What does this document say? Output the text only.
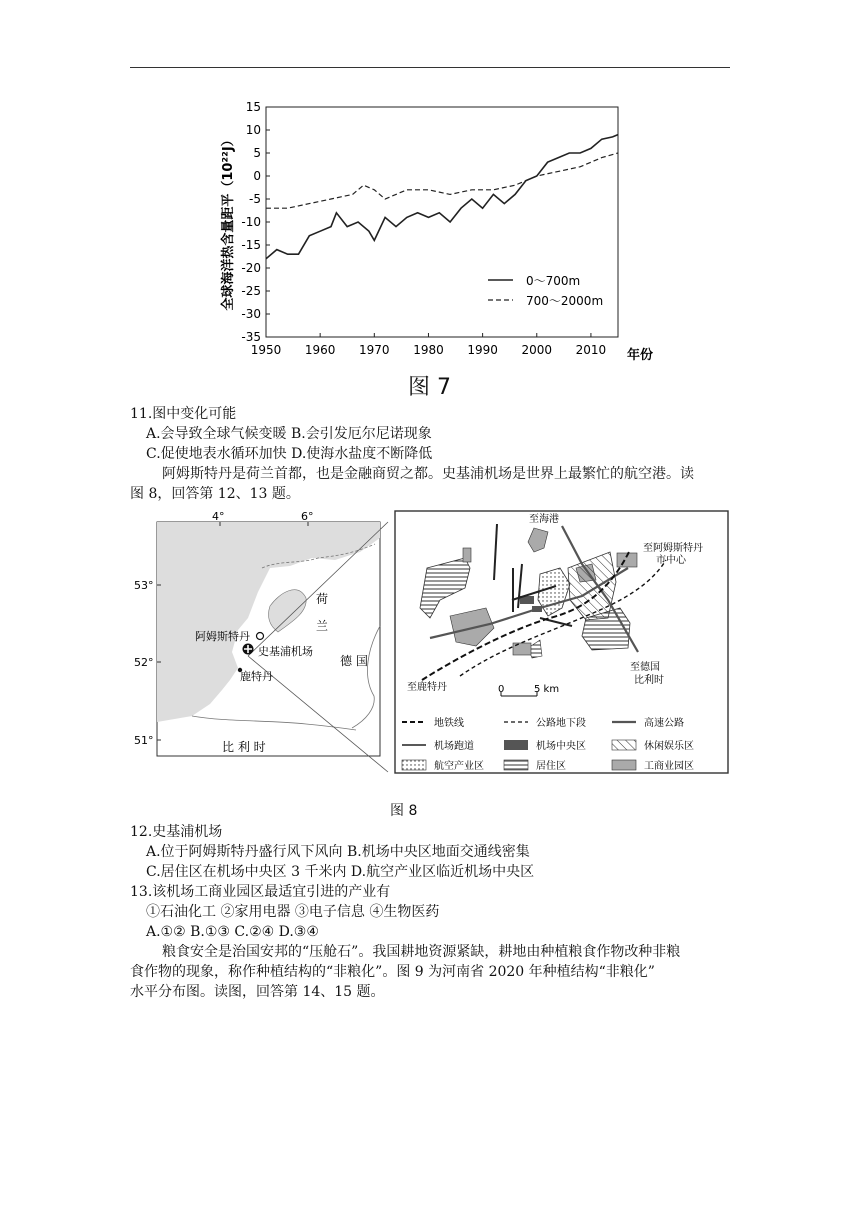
15
10
5
0
-5
-10
-15
-20
-25
-30
-35
1950 1960 1970 1980 1990 2000 2010
全球海洋热含量距平（10²²J）
年份
0～700m
700～2000m
图 7
11.图中变化可能
A.会导致全球气候变暖 B.会引发厄尔尼诺现象
C.促使地表水循环加快 D.使海水盐度不断降低
阿姆斯特丹是荷兰首都，也是金融商贸之都。史基浦机场是世界上最繁忙的航空港。读
图 8，回答第 12、13 题。
4°	6°
53°
52°
51°
荷
兰
德 国
比 利 时
阿姆斯特丹
史基浦机场
鹿特丹
至海港
至阿姆斯特丹
市中心
至德国
比利时
至鹿特丹	0	5 km
地铁线	公路地下段	高速公路
机场跑道	机场中央区	休闲娱乐区
航空产业区	居住区	工商业园区
图 8
12.史基浦机场
A.位于阿姆斯特丹盛行风下风向 B.机场中央区地面交通线密集
C.居住区在机场中央区 3 千米内 D.航空产业区临近机场中央区
13.该机场工商业园区最适宜引进的产业有
①石油化工 ②家用电器 ③电子信息 ④生物医药
A.①② B.①③ C.②④ D.③④
粮食安全是治国安邦的“压舱石”。我国耕地资源紧缺，耕地由种植粮食作物改种非粮
食作物的现象，称作种植结构的“非粮化”。图 9 为河南省 2020 年种植结构“非粮化”
水平分布图。读图，回答第 14、15 题。
